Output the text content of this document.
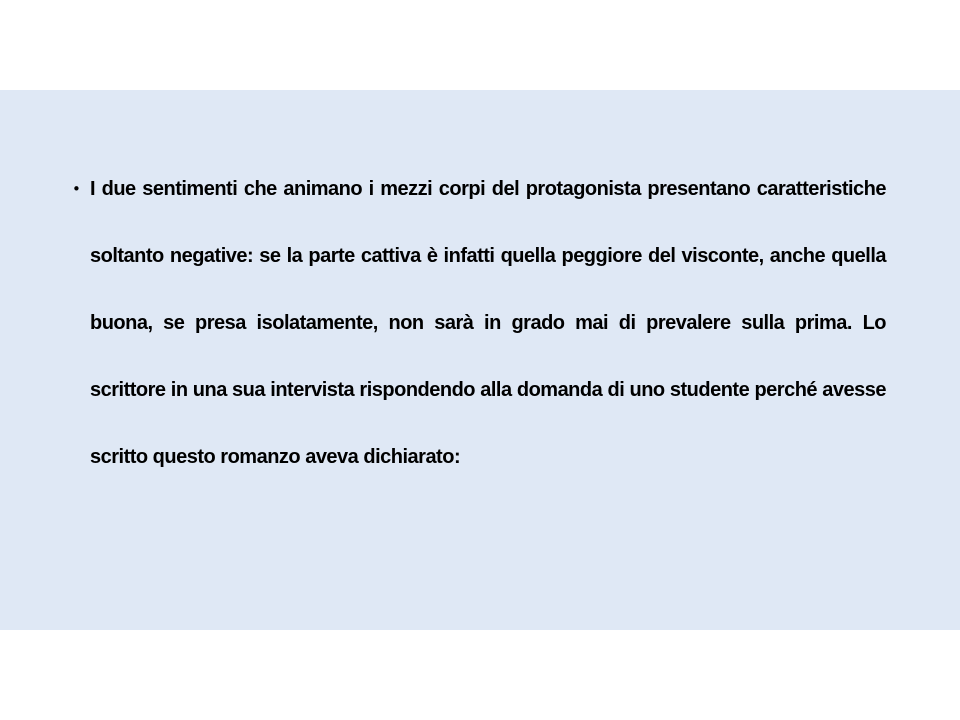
• I due sentimenti che animano i mezzi corpi del protagonista presentano caratteristiche soltanto negative: se la parte cattiva è infatti quella peggiore del visconte, anche quella buona, se presa isolatamente, non sarà in grado mai di prevalere sulla prima. Lo scrittore in una sua intervista rispondendo alla domanda di uno studente perché avesse scritto questo romanzo aveva dichiarato:
